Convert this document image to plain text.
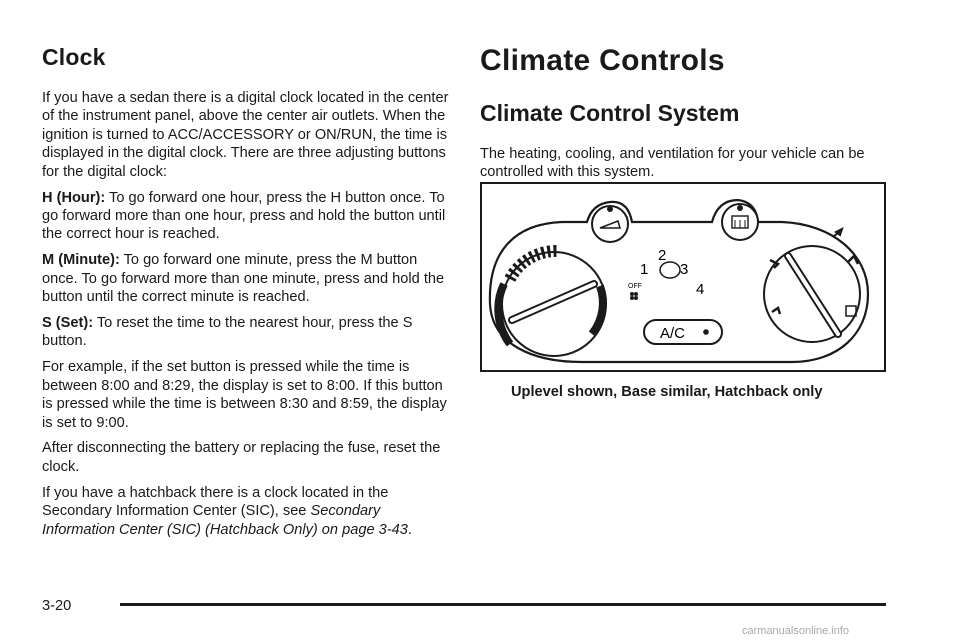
Clock

If you have a sedan there is a digital clock located in the center of the instrument panel, above the center air outlets. When the ignition is turned to ACC/ACCESSORY or ON/RUN, the time is displayed in the digital clock. There are three adjusting buttons for the digital clock:

H (Hour): To go forward one hour, press the H button once. To go forward more than one hour, press and hold the button until the correct hour is reached.

M (Minute): To go forward one minute, press the M button once. To go forward more than one minute, press and hold the button until the correct minute is reached.

S (Set): To reset the time to the nearest hour, press the S button.

For example, if the set button is pressed while the time is between 8:00 and 8:29, the display is set to 8:00. If this button is pressed while the time is between 8:30 and 8:59, the display is set to 9:00.

After disconnecting the battery or replacing the fuse, reset the clock.

If you have a hatchback there is a clock located in the Secondary Information Center (SIC), see Secondary Information Center (SIC) (Hatchback Only) on page 3-43.

Climate Controls
Climate Control System

The heating, cooling, and ventilation for your vehicle can be controlled with this system.

1
2
3
4
OFF
A/C
Uplevel shown, Base similar, Hatchback only
3-20
carmanualsonline.info
